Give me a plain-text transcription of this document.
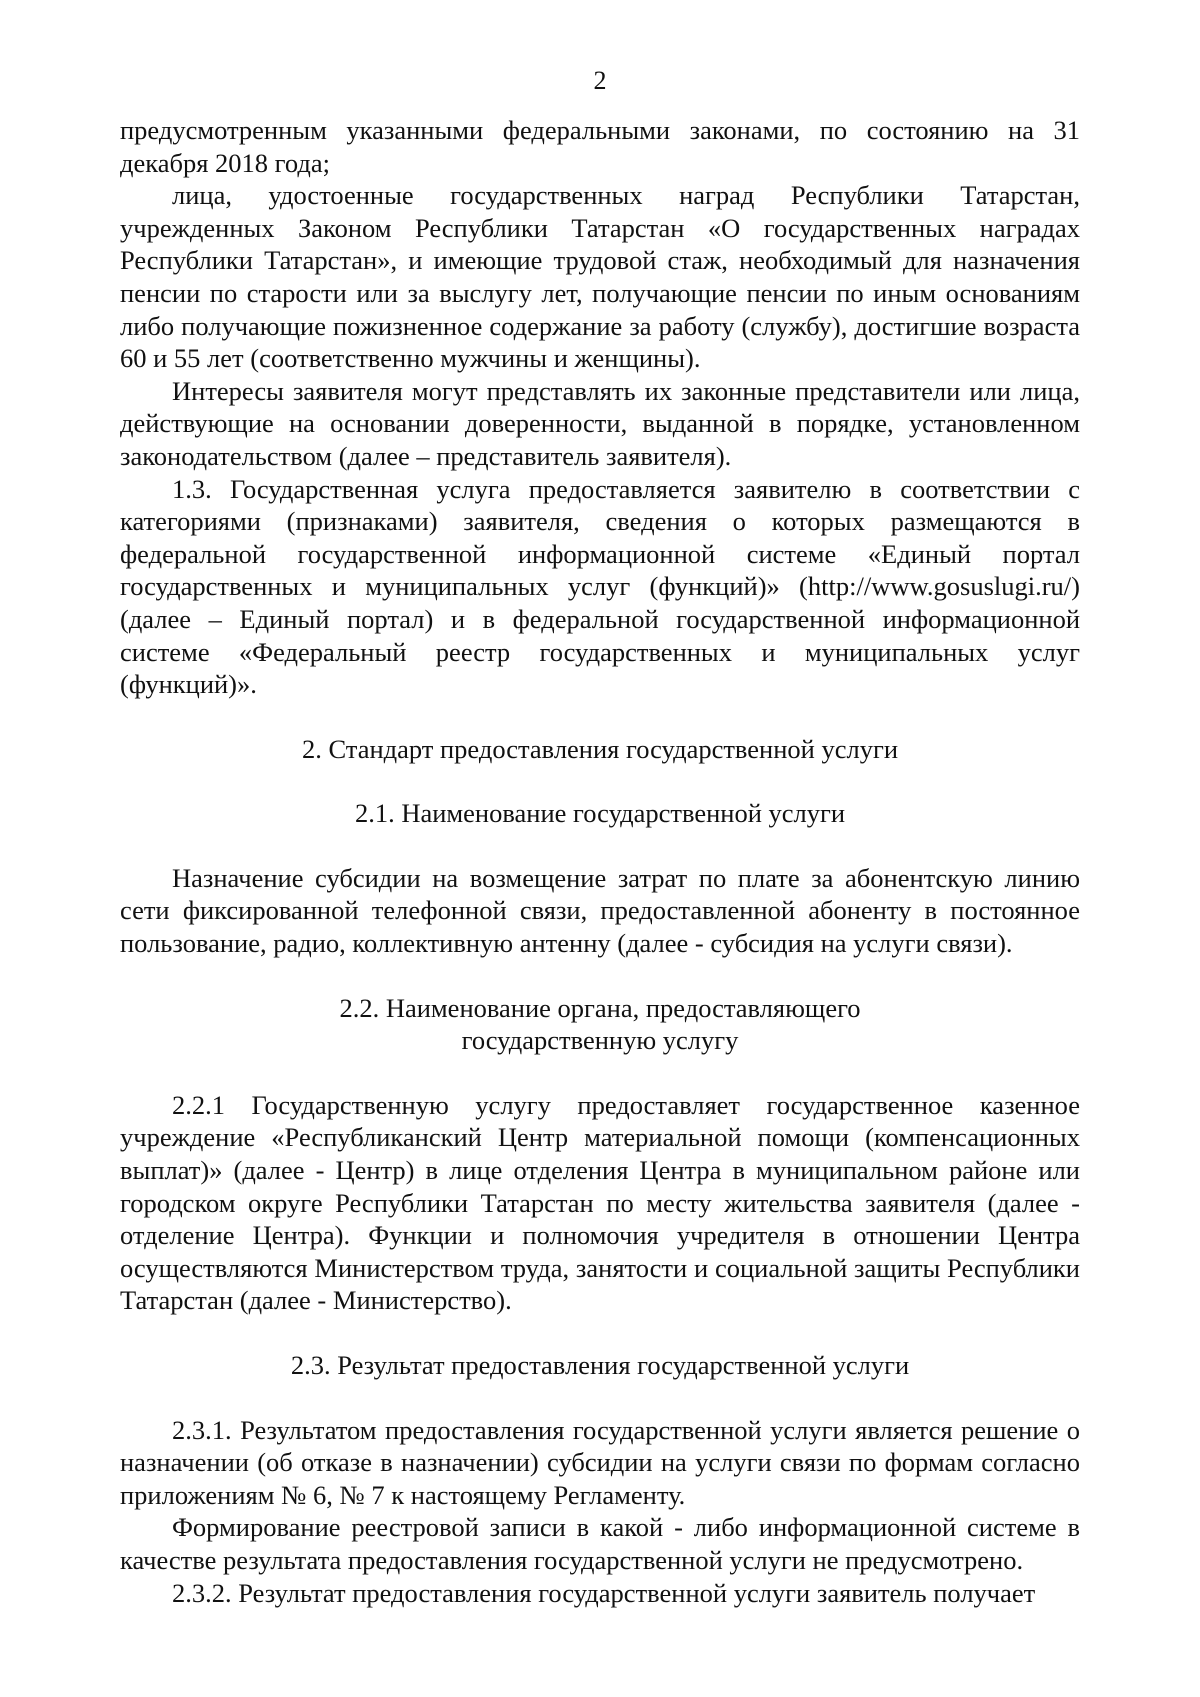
2

предусмотренным указанными федеральными законами, по состоянию на 31 декабря 2018 года;

лица, удостоенные государственных наград Республики Татарстан, учрежденных Законом Республики Татарстан «О государственных наградах Республики Татарстан», и имеющие трудовой стаж, необходимый для назначения пенсии по старости или за выслугу лет, получающие пенсии по иным основаниям либо получающие пожизненное содержание за работу (службу), достигшие возраста 60 и 55 лет (соответственно мужчины и женщины).

Интересы заявителя могут представлять их законные представители или лица, действующие на основании доверенности, выданной в порядке, установленном законодательством (далее – представитель заявителя).

1.3. Государственная услуга предоставляется заявителю в соответствии с категориями (признаками) заявителя, сведения о которых размещаются в федеральной государственной информационной системе «Единый портал государственных и муниципальных услуг (функций)» (http://www.gosuslugi.ru/) (далее – Единый портал) и в федеральной государственной информационной системе «Федеральный реестр государственных и муниципальных услуг (функций)».

2. Стандарт предоставления государственной услуги
2.1. Наименование государственной услуги

Назначение субсидии на возмещение затрат по плате за абонентскую линию сети фиксированной телефонной связи, предоставленной абоненту в постоянное пользование, радио, коллективную антенну (далее - субсидия на услуги связи).

2.2. Наименование органа, предоставляющего
государственную услугу

2.2.1 Государственную услугу предоставляет государственное казенное учреждение «Республиканский Центр материальной помощи (компенсационных выплат)» (далее - Центр) в лице отделения Центра в муниципальном районе или городском округе Республики Татарстан по месту жительства заявителя (далее - отделение Центра). Функции и полномочия учредителя в отношении Центра осуществляются Министерством труда, занятости и социальной защиты Республики Татарстан (далее - Министерство).

2.3. Результат предоставления государственной услуги

2.3.1. Результатом предоставления государственной услуги является решение о назначении (об отказе в назначении) субсидии на услуги связи по формам согласно приложениям № 6, № 7 к настоящему Регламенту.

Формирование реестровой записи в какой - либо информационной системе в качестве результата предоставления государственной услуги не предусмотрено.

2.3.2. Результат предоставления государственной услуги заявитель получает
